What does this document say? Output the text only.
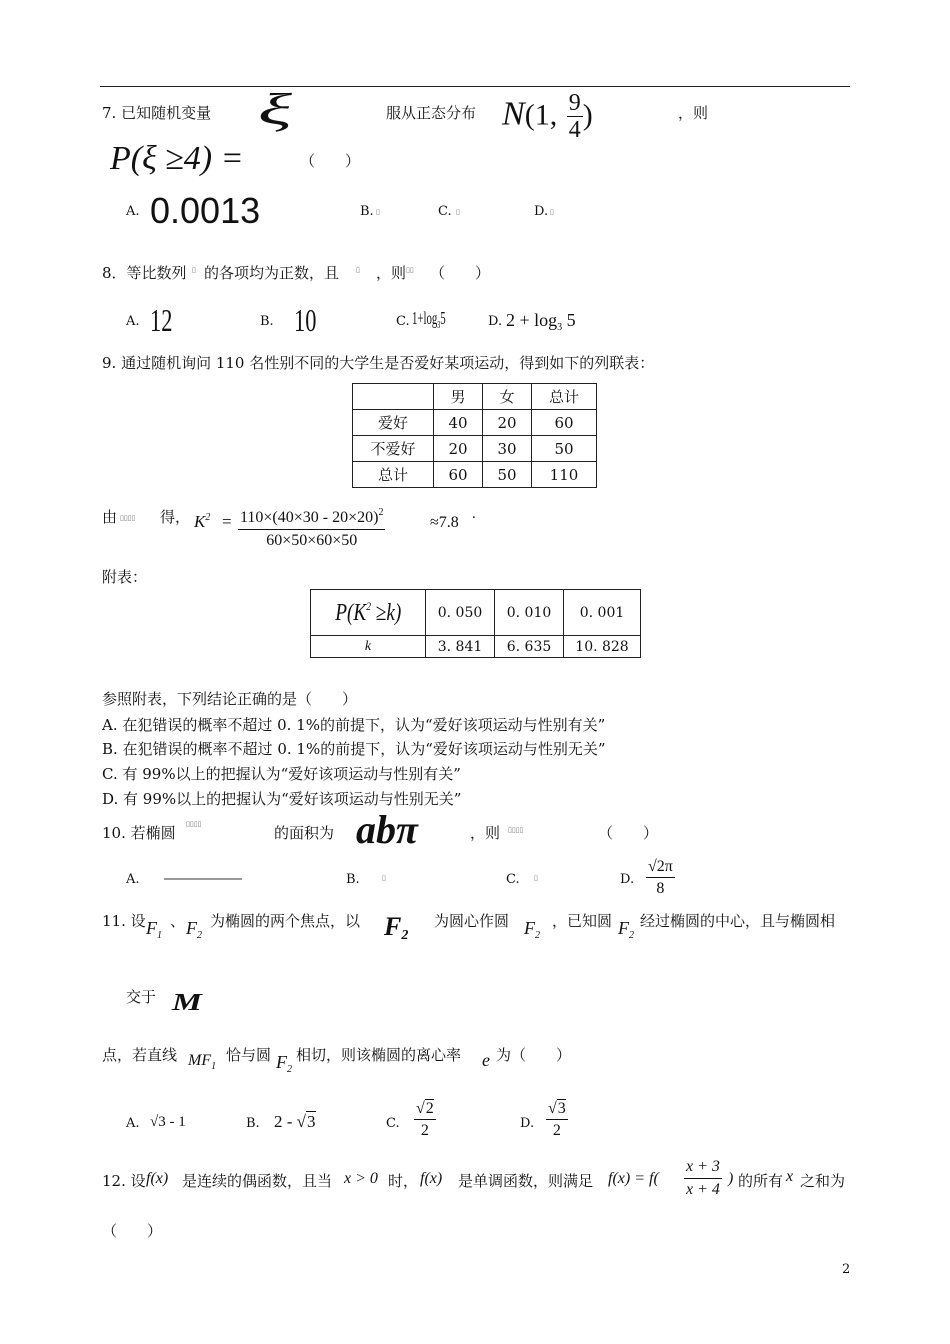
7. 已知随机变量 ξ	服从正态分布 N(1, $\frac{9}{4}$ )	，则
P(ξ ≥4) =	（　　）
A. 0.0013	B. ▯	C. ▯	D. ▯
8．等比数列 ▯ 的各项均为正数，且 ▯ ，则 ▯▯ （　　）
A. 12	B. 10	C. $1+\log_35$	D. $2 + \log_3 5$
9. 通过随机询问 110 名性别不同的大学生是否爱好某项运动，得到如下的列联表：
	男	女	总计
爱好	40	20	60
不爱好	20	30	50
总计	60	50	110
由 ▯▯▯▯ 得， $K^2 = \frac{110\times(40\times 30 - 20\times 20)^2}{60\times 50\times 60\times 50}$	≈7.8 .
附表：
$P(K^2 \ge k)$	0. 050	0. 010	0. 001
k	3. 841	6. 635	10. 828
参照附表，下列结论正确的是（　　）
A. 在犯错误的概率不超过 0. 1%的前提下，认为“爱好该项运动与性别有关”
B. 在犯错误的概率不超过 0. 1%的前提下，认为“爱好该项运动与性别无关”
C. 有 99%以上的把握认为“爱好该项运动与性别有关”
D. 有 99%以上的把握认为“爱好该项运动与性别无关”
10. 若椭圆 ▯▯▯▯	的面积为 abπ	，则 ▯▯▯▯	（　　）
A.	B.	▯	C. ▯	D. $\frac{√2\pi}{8}$
11. 设 $F_1$
、 $F_2$
为椭圆的两个焦点，以 $F_2$
为圆心作圆 $F_2$
，已知圆 $F_2$
经过椭圆的中心，且与椭圆相
交于 M
点，若直线 $MF_1$
恰与圆 $F_2$
相切，则该椭圆的离心率 e 为（　　）
A. √3 - 1	B. 2 - √3	C. $\frac{√2}{2}$	D. $\frac{√3}{2}$
12. 设 f(x) 是连续的偶函数，且当 x > 0 时， f(x) 是单调函数，则满足 $f(x) = f( \frac{x + 3}{x + 4}$ ) 的所有 x 之和为
（　　）
2
